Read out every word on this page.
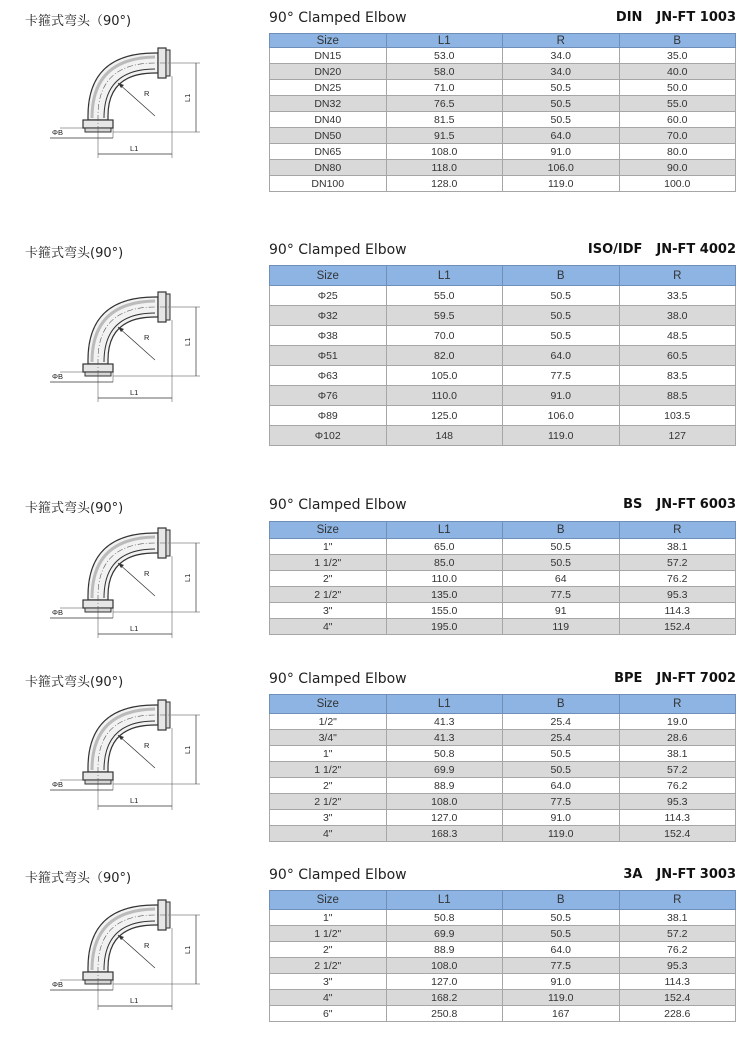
卡箍式弯头（90°)	90° Clamped Elbow	DIN JN-FT 1003
R	L1
L1
ΦB
Size	L1	R	B
DN15	53.0	34.0	35.0
DN20	58.0	34.0	40.0
DN25	71.0	50.5	50.0
DN32	76.5	50.5	55.0
DN40	81.5	50.5	60.0
DN50	91.5	64.0	70.0
DN65	108.0	91.0	80.0
DN80	118.0	106.0	90.0
DN100	128.0	119.0	100.0
卡箍式弯头(90°)	90° Clamped Elbow	ISO/IDF JN-FT 4002
R	L1
L1
ΦB
Size	L1	B	R
Φ25	55.0	50.5	33.5
Φ32	59.5	50.5	38.0
Φ38	70.0	50.5	48.5
Φ51	82.0	64.0	60.5
Φ63	105.0	77.5	83.5
Φ76	110.0	91.0	88.5
Φ89	125.0	106.0	103.5
Φ102	148	119.0	127
卡箍式弯头(90°)	90° Clamped Elbow	BS JN-FT 6003
R	L1
L1
ΦB
Size	L1	B	R
1"	65.0	50.5	38.1
1 1/2"	85.0	50.5	57.2
2"	110.0	64	76.2
2 1/2"	135.0	77.5	95.3
3"	155.0	91	114.3
4"	195.0	119	152.4
卡箍式弯头(90°)	90° Clamped Elbow	BPE JN-FT 7002
R	L1
L1
ΦB
Size	L1	B	R
1/2"	41.3	25.4	19.0
3/4"	41.3	25.4	28.6
1"	50.8	50.5	38.1
1 1/2"	69.9	50.5	57.2
2"	88.9	64.0	76.2
2 1/2"	108.0	77.5	95.3
3"	127.0	91.0	114.3
4"	168.3	119.0	152.4
卡箍式弯头（90°)	90° Clamped Elbow	3A JN-FT 3003
R	L1
L1
ΦB
Size	L1	B	R
1"	50.8	50.5	38.1
1 1/2"	69.9	50.5	57.2
2"	88.9	64.0	76.2
2 1/2"	108.0	77.5	95.3
3"	127.0	91.0	114.3
4"	168.2	119.0	152.4
6"	250.8	167	228.6
